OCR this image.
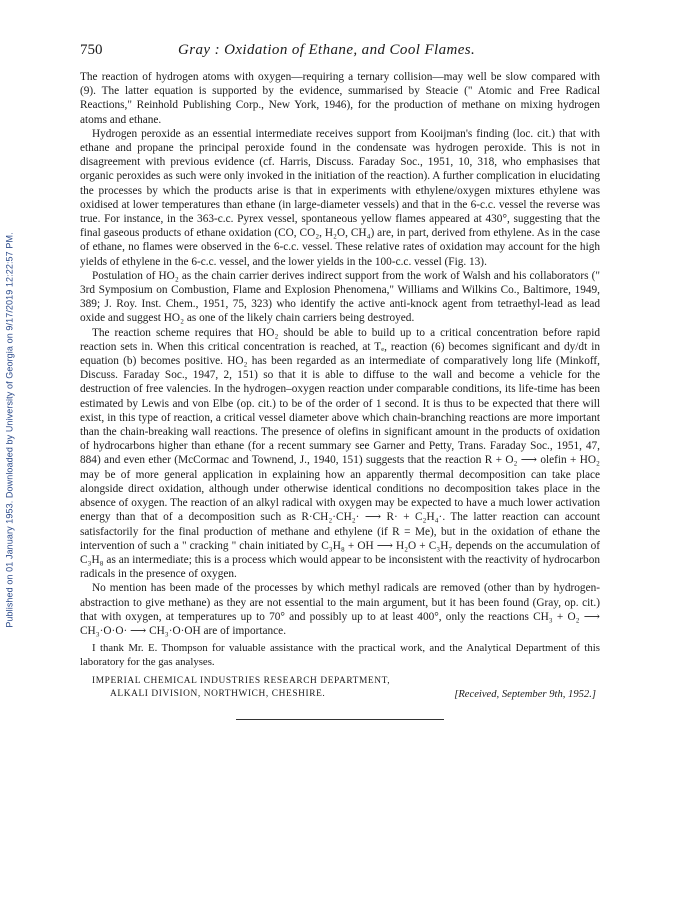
Published on 01 January 1953. Downloaded by University of Georgia on 9/17/2019 12:22:57 PM.
750	Gray : Oxidation of Ethane, and Cool Flames.

The reaction of hydrogen atoms with oxygen—requiring a ternary collision—may well be slow compared with (9). The latter equation is supported by the evidence, summarised by Steacie (" Atomic and Free Radical Reactions," Reinhold Publishing Corp., New York, 1946), for the production of methane on mixing hydrogen atoms and ethane.

Hydrogen peroxide as an essential intermediate receives support from Kooijman's finding (loc. cit.) that with ethane and propane the principal peroxide found in the condensate was hydrogen peroxide. This is not in disagreement with previous evidence (cf. Harris, Discuss. Faraday Soc., 1951, 10, 318, who emphasises that organic peroxides as such were only invoked in the initiation of the reaction). A further complication in elucidating the processes by which the products arise is that in experiments with ethylene/oxygen mixtures ethylene was oxidised at lower temperatures than ethane (in large-diameter vessels) and that in the 6-c.c. vessel the reverse was true. For instance, in the 363-c.c. Pyrex vessel, spontaneous yellow flames appeared at 430°, suggesting that the final gaseous products of ethane oxidation (CO, CO₂, H₂O, CH₄) are, in part, derived from ethylene. As in the case of ethane, no flames were observed in the 6-c.c. vessel. These relative rates of oxidation may account for the high yields of ethylene in the 6-c.c. vessel, and the lower yields in the 100-c.c. vessel (Fig. 13).

Postulation of HO₂ as the chain carrier derives indirect support from the work of Walsh and his collaborators (" 3rd Symposium on Combustion, Flame and Explosion Phenomena," Williams and Wilkins Co., Baltimore, 1949, 389; J. Roy. Inst. Chem., 1951, 75, 323) who identify the active anti-knock agent from tetraethyl-lead as lead oxide and suggest HO₂ as one of the likely chain carriers being destroyed.

The reaction scheme requires that HO₂ should be able to build up to a critical concentration before rapid reaction sets in. When this critical concentration is reached, at Tₑ, reaction (6) becomes significant and dy/dt in equation (b) becomes positive. HO₂ has been regarded as an intermediate of comparatively long life (Minkoff, Discuss. Faraday Soc., 1947, 2, 151) so that it is able to diffuse to the wall and become a vehicle for the destruction of free valencies. In the hydrogen–oxygen reaction under comparable conditions, its life-time has been estimated by Lewis and von Elbe (op. cit.) to be of the order of 1 second. It is thus to be expected that there will exist, in this type of reaction, a critical vessel diameter above which chain-branching reactions are more important than the chain-breaking wall reactions. The presence of olefins in significant amount in the products of oxidation of hydrocarbons higher than ethane (for a recent summary see Garner and Petty, Trans. Faraday Soc., 1951, 47, 884) and even ether (McCormac and Townend, J., 1940, 151) suggests that the reaction R + O₂ ⟶ olefin + HO₂ may be of more general application in explaining how an apparently thermal decomposition can take place alongside direct oxidation, although under otherwise identical conditions no decomposition takes place in the absence of oxygen. The reaction of an alkyl radical with oxygen may be expected to have a much lower activation energy than that of a decomposition such as R·CH₂·CH₂· ⟶ R· + C₂H₄·. The latter reaction can account satisfactorily for the final production of methane and ethylene (if R = Me), but in the oxidation of ethane the intervention of such a " cracking " chain initiated by C₃H₈ + OH ⟶ H₂O + C₃H₇ depends on the accumulation of C₃H₈ as an intermediate; this is a process which would appear to be inconsistent with the reactivity of hydrocarbon radicals in the presence of oxygen.

No mention has been made of the processes by which methyl radicals are removed (other than by hydrogen-abstraction to give methane) as they are not essential to the main argument, but it has been found (Gray, op. cit.) that with oxygen, at temperatures up to 70° and possibly up to at least 400°, only the reactions CH₃ + O₂ ⟶ CH₃·O·O· ⟶ CH₃·O·OH are of importance.

I thank Mr. E. Thompson for valuable assistance with the practical work, and the Analytical Department of this laboratory for the gas analyses.

IMPERIAL CHEMICAL INDUSTRIES RESEARCH DEPARTMENT,
ALKALI DIVISION, NORTHWICH, CHESHIRE.	[Received, September 9th, 1952.]
